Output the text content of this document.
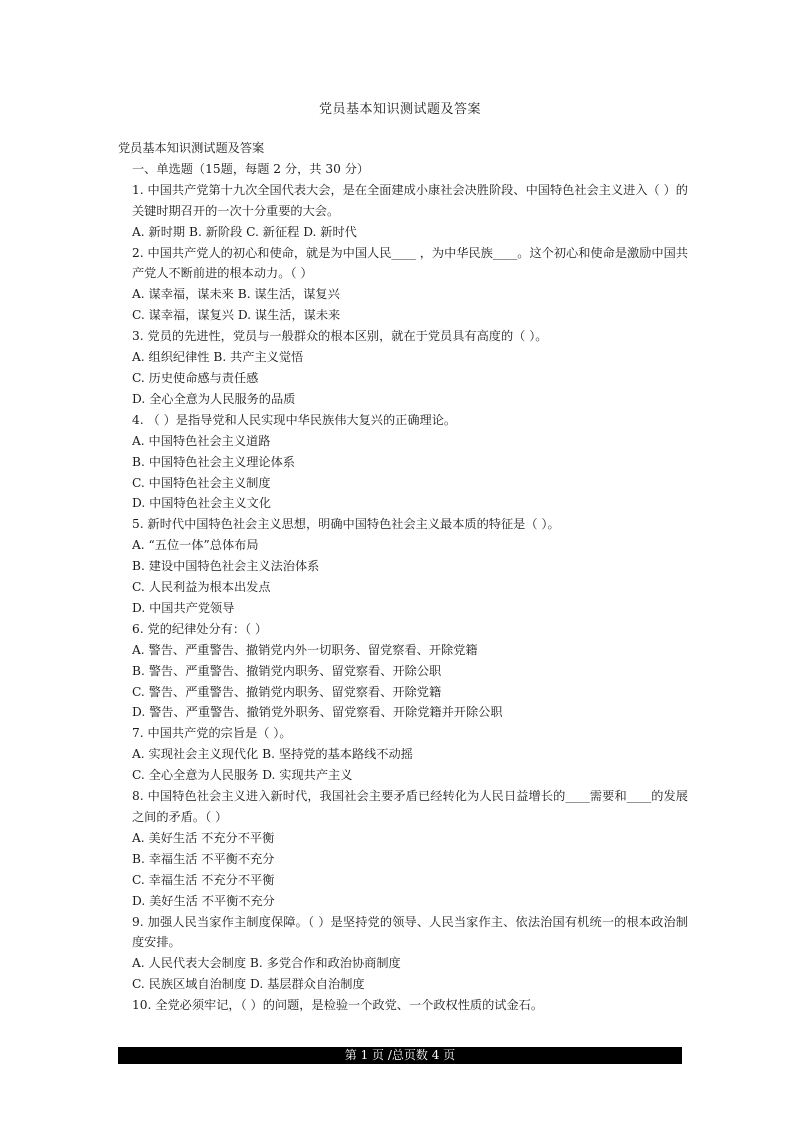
党员基本知识测试题及答案
党员基本知识测试题及答案
一、单选题（15题，每题 2 分，共 30 分）
1. 中国共产党第十九次全国代表大会，是在全面建成小康社会决胜阶段、中国特色社会主义进入（ ）的关键时期召开的一次十分重要的大会。
A. 新时期 B. 新阶段 C. 新征程 D. 新时代
2. 中国共产党人的初心和使命，就是为中国人民____ ，为中华民族____。这个初心和使命是激励中国共产党人不断前进的根本动力。（ ）
A. 谋幸福，谋未来 B. 谋生活，谋复兴
C. 谋幸福，谋复兴 D. 谋生活，谋未来
3. 党员的先进性，党员与一般群众的根本区别，就在于党员具有高度的（ ）。
A. 组织纪律性 B. 共产主义觉悟
C. 历史使命感与责任感
D. 全心全意为人民服务的品质
4. （ ）是指导党和人民实现中华民族伟大复兴的正确理论。
A. 中国特色社会主义道路
B. 中国特色社会主义理论体系
C. 中国特色社会主义制度
D. 中国特色社会主义文化
5. 新时代中国特色社会主义思想，明确中国特色社会主义最本质的特征是（ ）。
A. “五位一体”总体布局
B. 建设中国特色社会主义法治体系
C. 人民利益为根本出发点
D. 中国共产党领导
6. 党的纪律处分有：（ ）
A. 警告、严重警告、撤销党内外一切职务、留党察看、开除党籍
B. 警告、严重警告、撤销党内职务、留党察看、开除公职
C. 警告、严重警告、撤销党内职务、留党察看、开除党籍
D. 警告、严重警告、撤销党外职务、留党察看、开除党籍并开除公职
7. 中国共产党的宗旨是（ ）。
A. 实现社会主义现代化 B. 坚持党的基本路线不动摇
C. 全心全意为人民服务 D. 实现共产主义
8. 中国特色社会主义进入新时代，我国社会主要矛盾已经转化为人民日益增长的____需要和____的发展之间的矛盾。（ ）
A. 美好生活 不充分不平衡
B. 幸福生活 不平衡不充分
C. 幸福生活 不充分不平衡
D. 美好生活 不平衡不充分
9. 加强人民当家作主制度保障。（ ）是坚持党的领导、人民当家作主、依法治国有机统一的根本政治制度安排。
A. 人民代表大会制度 B. 多党合作和政治协商制度
C. 民族区域自治制度 D. 基层群众自治制度
10. 全党必须牢记，（ ）的问题，是检验一个政党、一个政权性质的试金石。
第 1 页 /总页数 4 页
